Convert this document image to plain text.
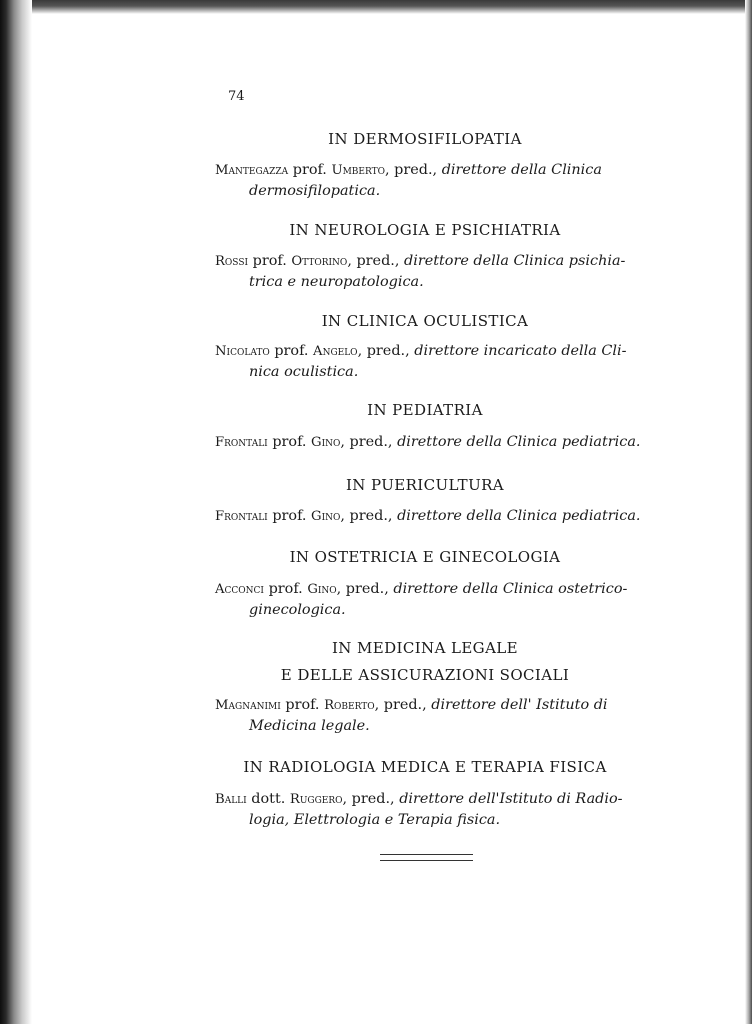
74
IN DERMOSIFILOPATIA
Mantegazza prof. Umberto, pred., direttore della Clinica
dermosifilopatica.
IN NEUROLOGIA E PSICHIATRIA
Rossi prof. Ottorino, pred., direttore della Clinica psichia-
trica e neuropatologica.
IN CLINICA OCULISTICA
Nicolato prof. Angelo, pred., direttore incaricato della Cli-
nica oculistica.
IN PEDIATRIA
Frontali prof. Gino, pred., direttore della Clinica pediatrica.
IN PUERICULTURA
Frontali prof. Gino, pred., direttore della Clinica pediatrica.
IN OSTETRICIA E GINECOLOGIA
Acconci prof. Gino, pred., direttore della Clinica ostetrico-
ginecologica.
IN MEDICINA LEGALE
E DELLE ASSICURAZIONI SOCIALI
Magnanimi prof. Roberto, pred., direttore dell' Istituto di
Medicina legale.
IN RADIOLOGIA MEDICA E TERAPIA FISICA
Balli dott. Ruggero, pred., direttore dell'Istituto di Radio-
logia, Elettrologia e Terapia fisica.
